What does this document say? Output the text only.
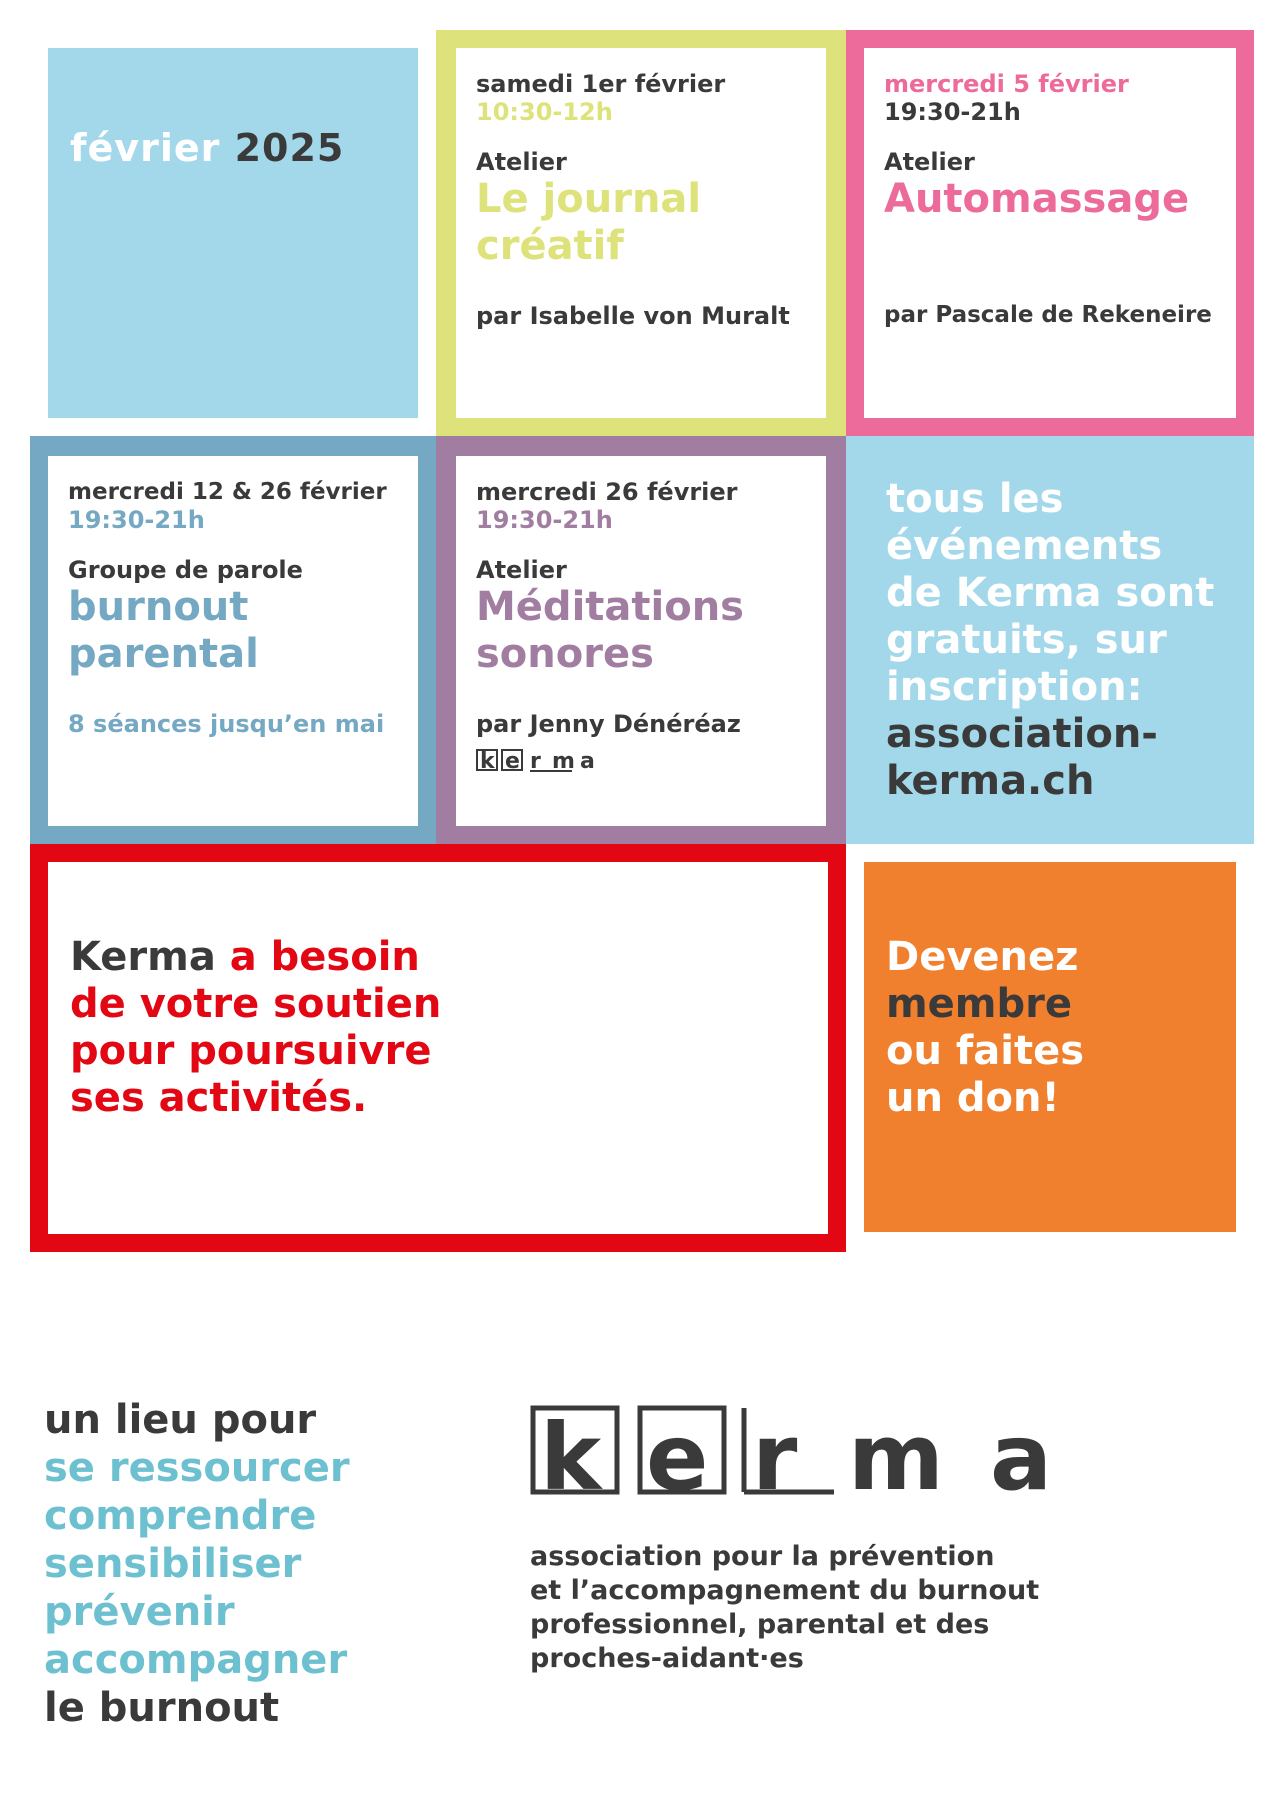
février 2025
samedi 1er février
10:30-12h
Atelier
Le journal
créatif
par Isabelle von Muralt
mercredi 5 février
19:30-21h
Atelier
Automassage
par Pascale de Rekeneire
mercredi 12 & 26 février
19:30-21h
Groupe de parole
burnout
parental
8 séances jusqu’en mai
mercredi 26 février
19:30-21h
Atelier
Méditations
sonores
par Jenny Dénéréaz
k e r m a
tous les
événements
de Kerma sont
gratuits, sur
inscription:
association-
kerma.ch
Kerma a besoin
de votre soutien
pour poursuivre
ses activités.
Devenez
membre
ou faites
un don!
un lieu pour
se ressourcer
comprendre
sensibiliser
prévenir
accompagner
le burnout
k e r m a
association pour la prévention
et l’accompagnement du burnout
professionnel, parental et des
proches-aidant·es
